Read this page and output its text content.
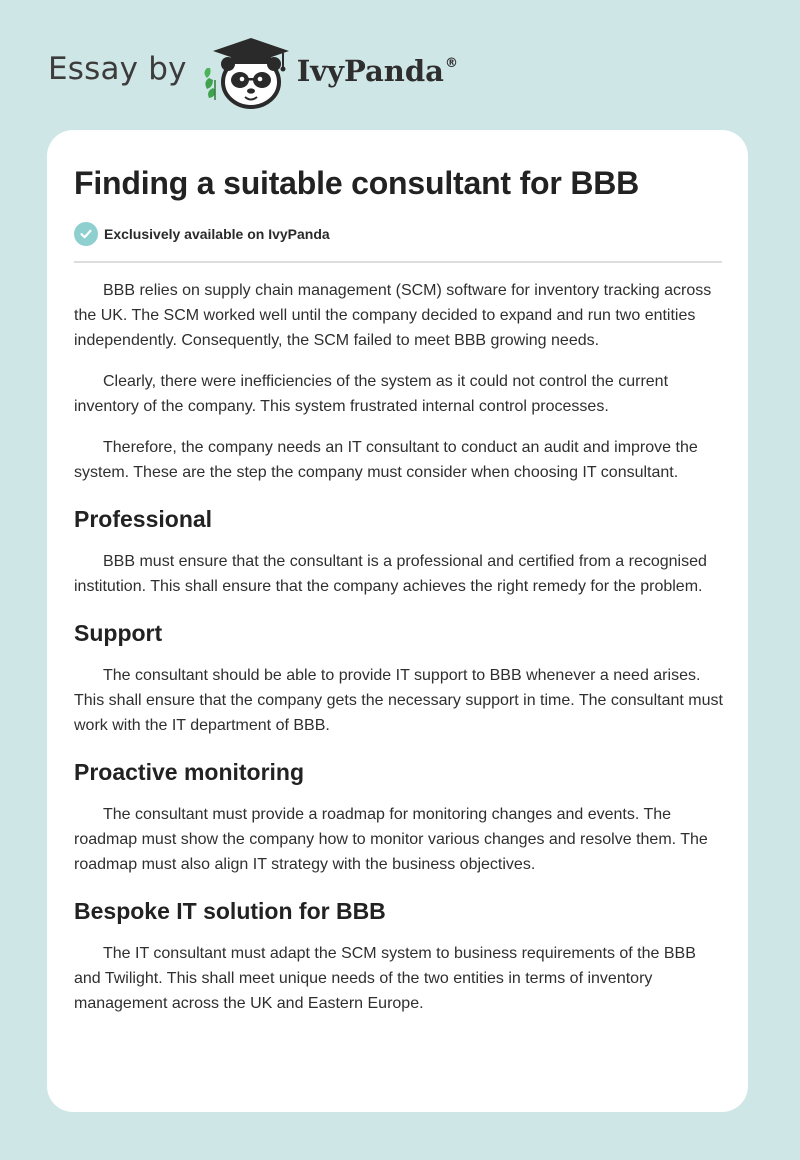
Essay by	IvyPanda®
Finding a suitable consultant for BBB
Exclusively available on IvyPanda

BBB relies on supply chain management (SCM) software for inventory tracking across the UK. The SCM worked well until the company decided to expand and run two entities independently. Consequently, the SCM failed to meet BBB growing needs.

Clearly, there were inefficiencies of the system as it could not control the current inventory of the company. This system frustrated internal control processes.

Therefore, the company needs an IT consultant to conduct an audit and improve the system. These are the step the company must consider when choosing IT consultant.

Professional

BBB must ensure that the consultant is a professional and certified from a recognised institution. This shall ensure that the company achieves the right remedy for the problem.

Support

The consultant should be able to provide IT support to BBB whenever a need arises. This shall ensure that the company gets the necessary support in time. The consultant must work with the IT department of BBB.

Proactive monitoring

The consultant must provide a roadmap for monitoring changes and events. The roadmap must show the company how to monitor various changes and resolve them. The roadmap must also align IT strategy with the business objectives.

Bespoke IT solution for BBB

The IT consultant must adapt the SCM system to business requirements of the BBB and Twilight. This shall meet unique needs of the two entities in terms of inventory management across the UK and Eastern Europe.
